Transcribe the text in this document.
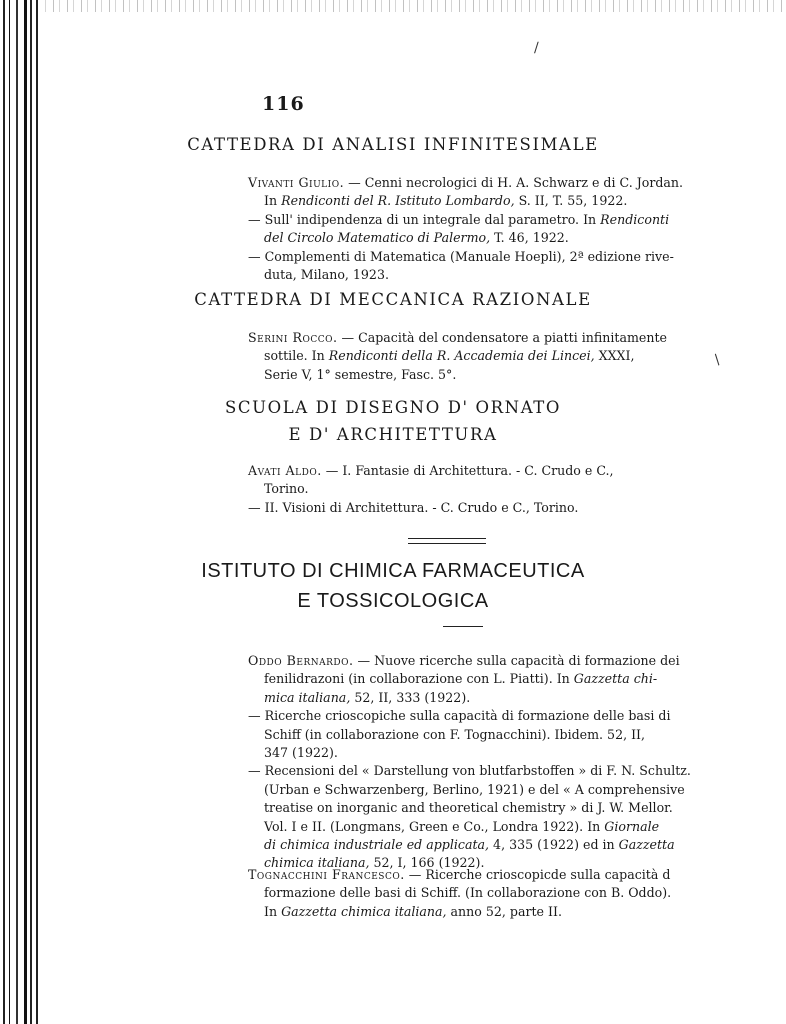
116
CATTEDRA DI ANALISI INFINITESIMALE
Vivanti Giulio. — Cenni necrologici di H. A. Schwarz e di C. Jordan.
In Rendiconti del R. Istituto Lombardo, S. II, T. 55, 1922.
— Sull' indipendenza di un integrale dal parametro. In Rendiconti
del Circolo Matematico di Palermo, T. 46, 1922.
— Complementi di Matematica (Manuale Hoepli), 2ª edizione rive-
duta, Milano, 1923.
CATTEDRA DI MECCANICA RAZIONALE
Serini Rocco. — Capacità del condensatore a piatti infinitamente
sottile. In Rendiconti della R. Accademia dei Lincei, XXXI,
Serie V, 1° semestre, Fasc. 5°.
SCUOLA DI DISEGNO D' ORNATO
E D' ARCHITETTURA
Avati Aldo. — I. Fantasie di Architettura. - C. Crudo e C.,
Torino.
— II. Visioni di Architettura. - C. Crudo e C., Torino.
ISTITUTO DI CHIMICA FARMACEUTICA
E TOSSICOLOGICA
Oddo Bernardo. — Nuove ricerche sulla capacità di formazione dei
fenilidrazoni (in collaborazione con L. Piatti). In Gazzetta chi-
mica italiana, 52, II, 333 (1922).
— Ricerche crioscopiche sulla capacità di formazione delle basi di
Schiff (in collaborazione con F. Tognacchini). Ibidem. 52, II,
347 (1922).
— Recensioni del « Darstellung von blutfarbstoffen » di F. N. Schultz.
(Urban e Schwarzenberg, Berlino, 1921) e del « A comprehensive
treatise on inorganic and theoretical chemistry » di J. W. Mellor.
Vol. I e II. (Longmans, Green e Co., Londra 1922). In Giornale
di chimica industriale ed applicata, 4, 335 (1922) ed in Gazzetta
chimica italiana, 52, I, 166 (1922).
Tognacchini Francesco. — Ricerche crioscopicde sulla capacità d
formazione delle basi di Schiff. (In collaborazione con B. Oddo).
In Gazzetta chimica italiana, anno 52, parte II.
∕
∕
